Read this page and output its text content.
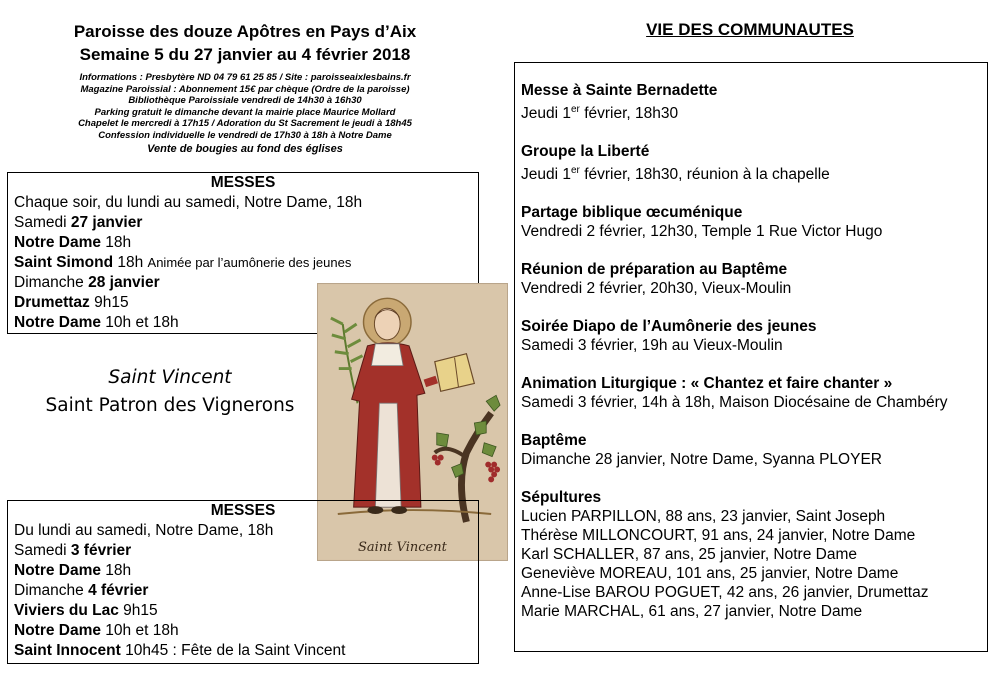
Paroisse des douze Apôtres en Pays d’Aix
Semaine 5 du 27 janvier au 4 février 2018
Informations : Presbytère ND 04 79 61 25 85 / Site : paroisseaixlesbains.fr
Magazine Paroissial : Abonnement 15€ par chèque (Ordre de la paroisse)
Bibliothèque Paroissiale vendredi de 14h30 à 16h30
Parking gratuit le dimanche devant la mairie place Maurice Mollard
Chapelet le mercredi à 17h15 / Adoration du St Sacrement le jeudi à 18h45
Confession individuelle le vendredi de 17h30 à 18h à Notre Dame
Vente de bougies au fond des églises
MESSES
Chaque soir, du lundi au samedi, Notre Dame, 18h
Samedi 27 janvier
Notre Dame 18h
Saint Simond 18h Animée par l’aumônerie des jeunes
Dimanche 28 janvier
Drumettaz 9h15
Notre Dame 10h et 18h
Saint Vincent
Saint Patron des Vignerons
Saint Vincent
MESSES
Du lundi au samedi, Notre Dame, 18h
Samedi 3 février
Notre Dame 18h
Dimanche 4 février
Viviers du Lac 9h15
Notre Dame 10h et 18h
Saint Innocent 10h45 : Fête de la Saint Vincent
VIE DES COMMUNAUTES
Messe à Sainte Bernadette
Jeudi 1er février, 18h30
Groupe la Liberté
Jeudi 1er février, 18h30, réunion à la chapelle
Partage biblique œcuménique
Vendredi 2 février, 12h30, Temple 1 Rue Victor Hugo
Réunion de préparation au Baptême
Vendredi 2 février, 20h30, Vieux-Moulin
Soirée Diapo de l’Aumônerie des jeunes
Samedi 3 février, 19h au Vieux-Moulin
Animation Liturgique : « Chantez et faire chanter »
Samedi 3 février, 14h à 18h, Maison Diocésaine de Chambéry
Baptême
Dimanche 28 janvier, Notre Dame, Syanna PLOYER
Sépultures
Lucien PARPILLON, 88 ans, 23 janvier, Saint Joseph
Thérèse MILLONCOURT, 91 ans, 24 janvier, Notre Dame
Karl SCHALLER, 87 ans, 25 janvier, Notre Dame
Geneviève MOREAU, 101 ans, 25 janvier, Notre Dame
Anne-Lise BAROU POGUET, 42 ans, 26 janvier, Drumettaz
Marie MARCHAL, 61 ans, 27 janvier, Notre Dame
